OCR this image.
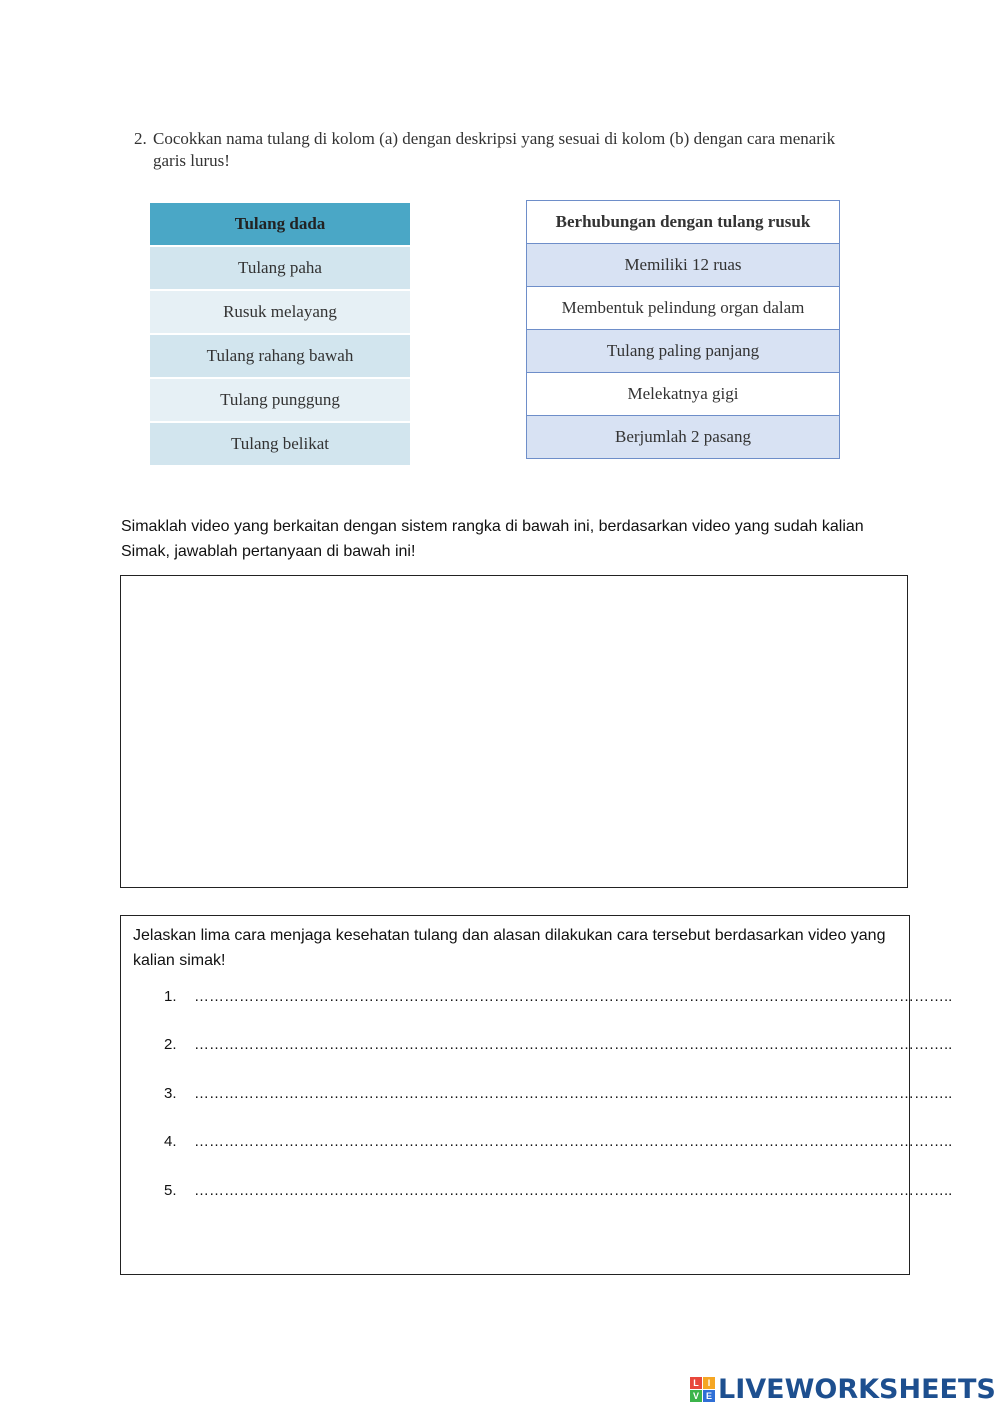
2. Cocokkan nama tulang di kolom (a) dengan deskripsi yang sesuai di kolom (b) dengan cara menarik garis lurus!
Tulang dada
Tulang paha
Rusuk melayang
Tulang rahang bawah
Tulang punggung
Tulang belikat
Berhubungan dengan tulang rusuk
Memiliki 12 ruas
Membentuk pelindung organ dalam
Tulang paling panjang
Melekatnya gigi
Berjumlah 2 pasang
Simaklah video yang berkaitan dengan sistem rangka di bawah ini, berdasarkan video yang sudah kalian Simak, jawablah pertanyaan di bawah ini!
Jelaskan lima cara menjaga kesehatan tulang dan alasan dilakukan cara tersebut berdasarkan video yang kalian simak!
1. ……………………………………………………………………………………………………………………………………..
2. ……………………………………………………………………………………………………………………………………..
3. ……………………………………………………………………………………………………………………………………..
4. ……………………………………………………………………………………………………………………………………..
5. ……………………………………………………………………………………………………………………………………..
L I
V E LIVEWORKSHEETS
